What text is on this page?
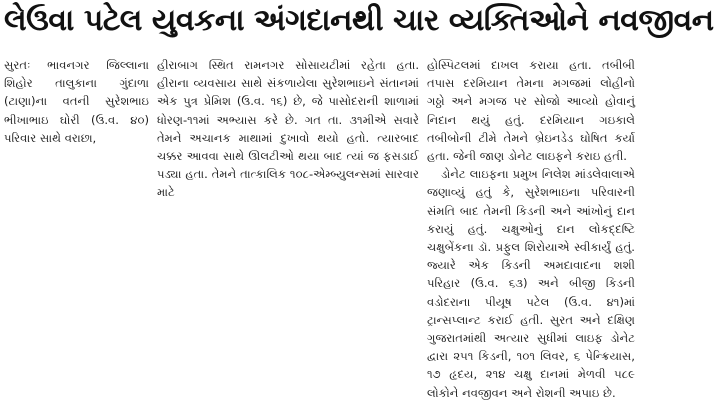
લેઉવા પટેલ યુવકના અંગદાનથી ચાર વ્યક્તિઓને નવજીવન

સુરતઃ ભાવનગર જિલ્લાના શિહોર તાલુકાના ગુંદાળા (ટાણા)ના વતની સુરેશભાઇ ભીખાભાઇ ઘોરી (ઉ.વ. ૪૦) પરિવાર સાથે વરાછા,

હીરાબાગ સ્થિત રામનગર સોસાયટીમાં રહેતા હતા. હીરાના વ્યવસાય સાથે સંકળાયેલા સુરેશભાઇને સંતાનમાં એક પુત્ર પ્રેમિશ (ઉ.વ. ૧૬) છે, જે પાસોદરાની શાળામાં ધોરણ-૧૧માં અભ્યાસ કરે છે. ગત તા. ૩૧મીએ સવારે તેમને અચાનક માથામાં દુખાવો થયો હતો. ત્યારબાદ ચક્કર આવવા સાથે ઊલટીઓ થયા બાદ ત્યાં જ ફસડાઈ પડ્યા હતા. તેમને તાત્કાલિક ૧૦૮-એમ્બ્યુલન્સમાં સારવાર માટે

હોસ્પિટલમાં દાખલ કરાયા હતા. તબીબી તપાસ દરમિયાન તેમના મગજમાં લોહીનો ગઠ્ઠો અને મગજ પર સોજો આવ્યો હોવાનું નિદાન થયું હતું. દરમિયાન ગઇકાલે તબીબોની ટીમે તેમને બ્રેઇનડેડ ઘોષિત કર્યા હતા. જેની જાણ ડોનેટ લાઇફને કરાઇ હતી.

ડોનેટ લાઇફના પ્રમુખ નિલેશ માંડલેવાલાએ જણાવ્યું હતું કે, સુરેશભાઇના પરિવારની સંમતિ બાદ તેમની કિડની અને આંખોનું દાન કરાયું હતું. ચક્ષુઓનું દાન લોકદ્દષ્ટિ ચક્ષુબેંકના ડૉ. પ્રફુલ શિરોયાએ સ્વીકાર્યું હતું. જ્યારે એક કિડની અમદાવાદના શશી પરિહાર (ઉ.વ. ૬૩) અને બીજી કિડની વડોદરાના પીયૂષ પટેલ (ઉ.વ. ૪૧)માં ટ્રાન્સપ્લાન્ટ કરાઈ હતી. સુરત અને દક્ષિણ ગુજરાતમાંથી અત્યાર સુધીમાં લાઇફ ડોનેટ દ્વારા ૨૫૧ કિડની, ૧૦૧ લિવર, ૬ પેન્ક્રિયાસ, ૧૭ હૃદય, ૨૧૪ ચક્ષુ દાનમાં મેળવી ૫૮૯ લોકોને નવજીવન અને રોશની અપાઇ છે.
